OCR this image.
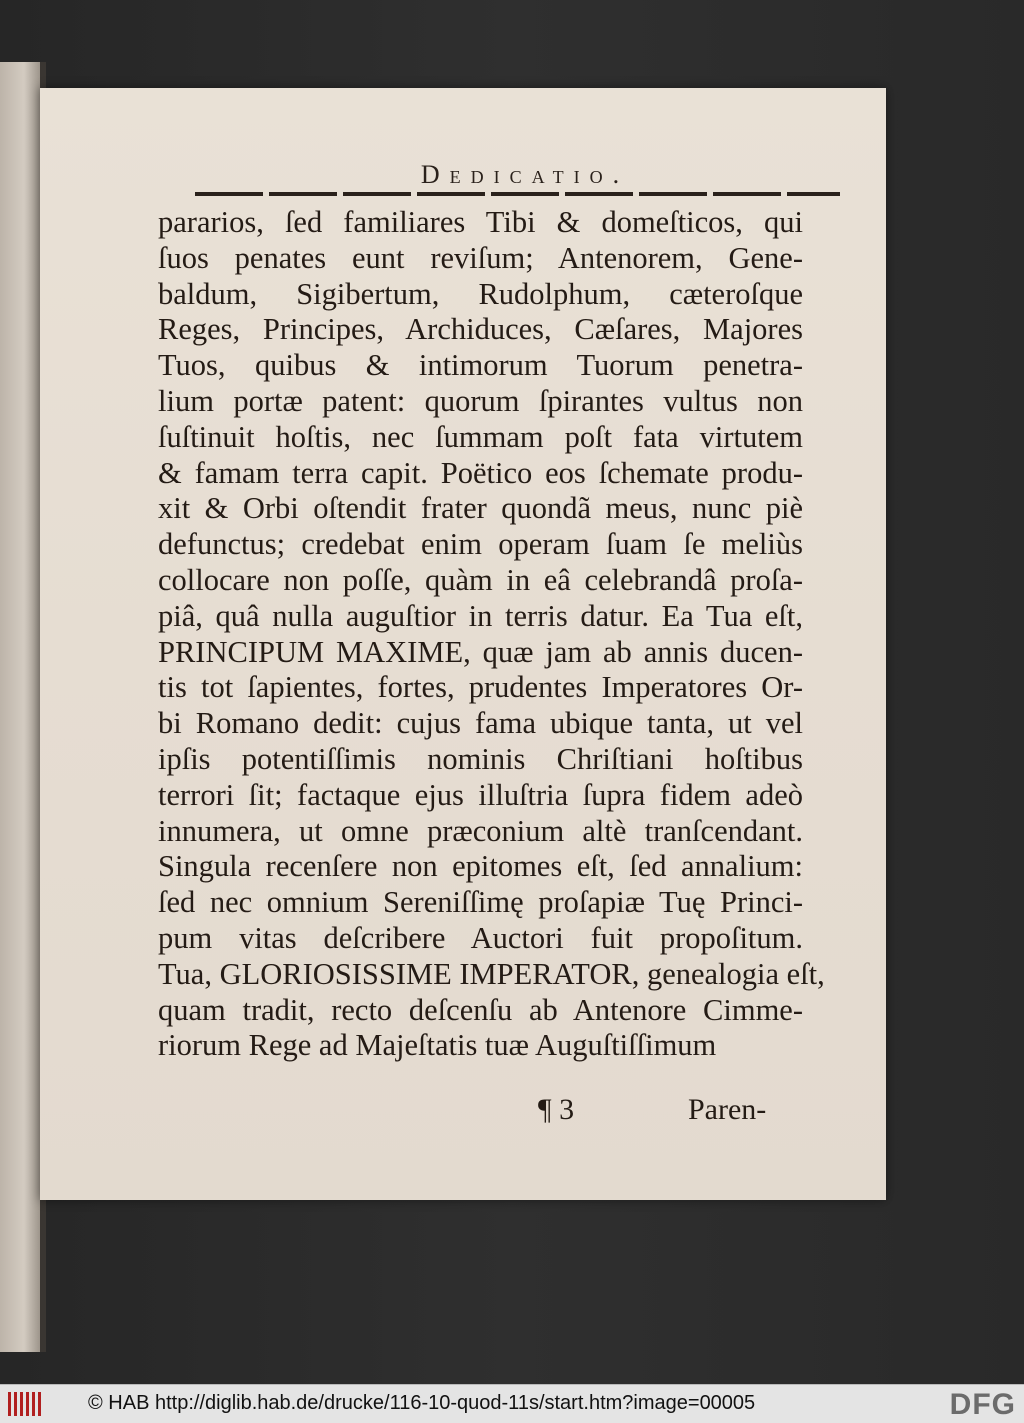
Dedicatio.
pararios, ſed familiares Tibi & domeſticos, qui
ſuos penates eunt reviſum; Antenorem, Gene-
baldum, Sigibertum, Rudolphum, cæteroſque
Reges, Principes, Archiduces, Cæſares, Majores
Tuos, quibus & intimorum Tuorum penetra-
lium portæ patent: quorum ſpirantes vultus non
ſuſtinuit hoſtis, nec ſummam poſt fata virtutem
& famam terra capit. Poëtico eos ſchemate produ-
xit & Orbi oſtendit frater quondã meus, nunc piè
defunctus; credebat enim operam ſuam ſe meliùs
collocare non poſſe, quàm in eâ celebrandâ proſa-
piâ, quâ nulla auguſtior in terris datur. Ea Tua eſt,
PRINCIPUM MAXIME, quæ jam ab annis ducen-
tis tot ſapientes, fortes, prudentes Imperatores Or-
bi Romano dedit: cujus fama ubique tanta, ut vel
ipſis potentiſſimis nominis Chriſtiani hoſtibus
terrori ſit; factaque ejus illuſtria ſupra fidem adeò
innumera, ut omne præconium altè tranſcendant.
Singula recenſere non epitomes eſt, ſed annalium:
ſed nec omnium Sereniſſimę proſapiæ Tuę Princi-
pum vitas deſcribere Auctori fuit propoſitum.
Tua, GLORIOSISSIME IMPERATOR, genealogia eſt,
quam tradit, recto deſcenſu ab Antenore Cimme-
riorum Rege ad Majeſtatis tuæ Auguſtiſſimum
¶ 3	Paren-
© HAB http://diglib.hab.de/drucke/116-10-quod-11s/start.htm?image=00005	DFG
